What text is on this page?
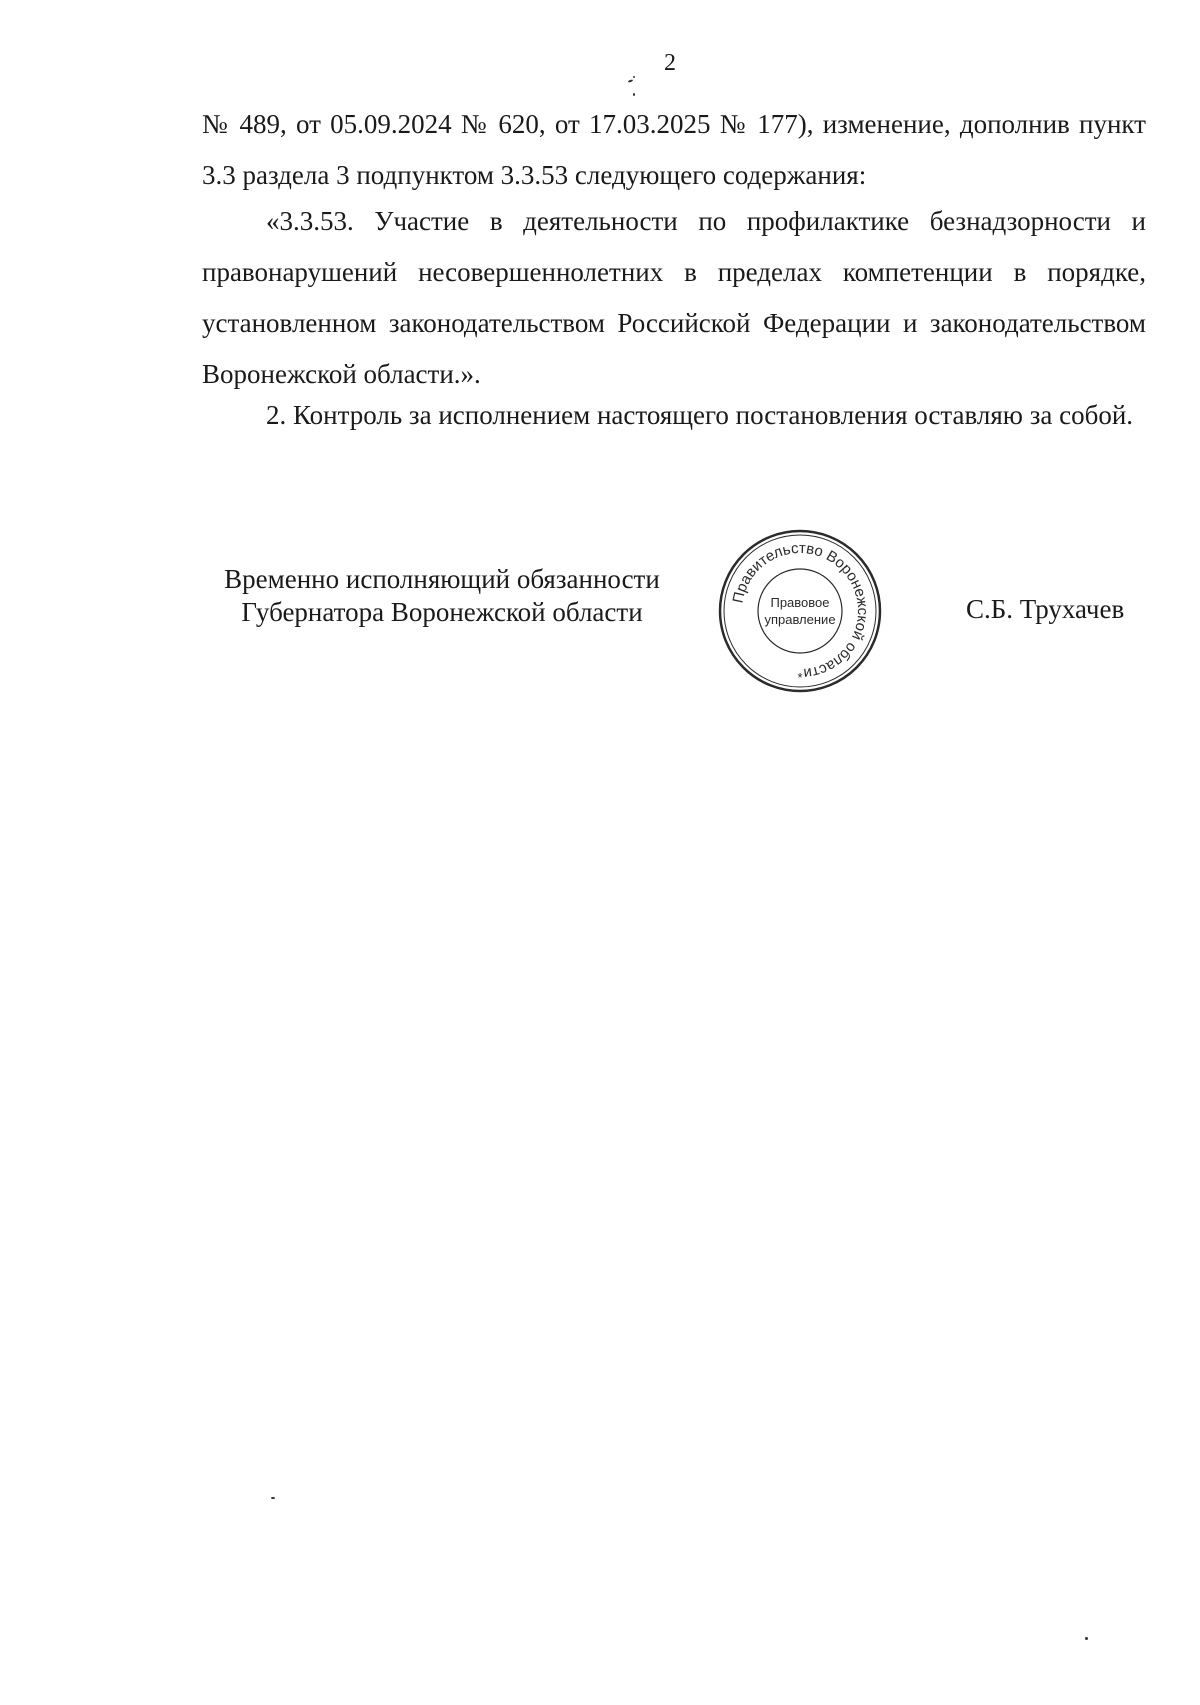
2

№ 489, от 05.09.2024 № 620, от 17.03.2025 № 177), изменение, дополнив пункт 3.3 раздела 3 подпунктом 3.3.53 следующего содержания:

«3.3.53. Участие в деятельности по профилактике безнадзорности и правонарушений несовершеннолетних в пределах компетенции в порядке, установленном законодательством Российской Федерации и законодательством Воронежской области.».

2. Контроль за исполнением настоящего постановления оставляю за собой.

Временно исполняющий обязанности
Губернатора Воронежской области	Правительство Воронежской области
Правовое
управление
*
С.Б. Трухачев
